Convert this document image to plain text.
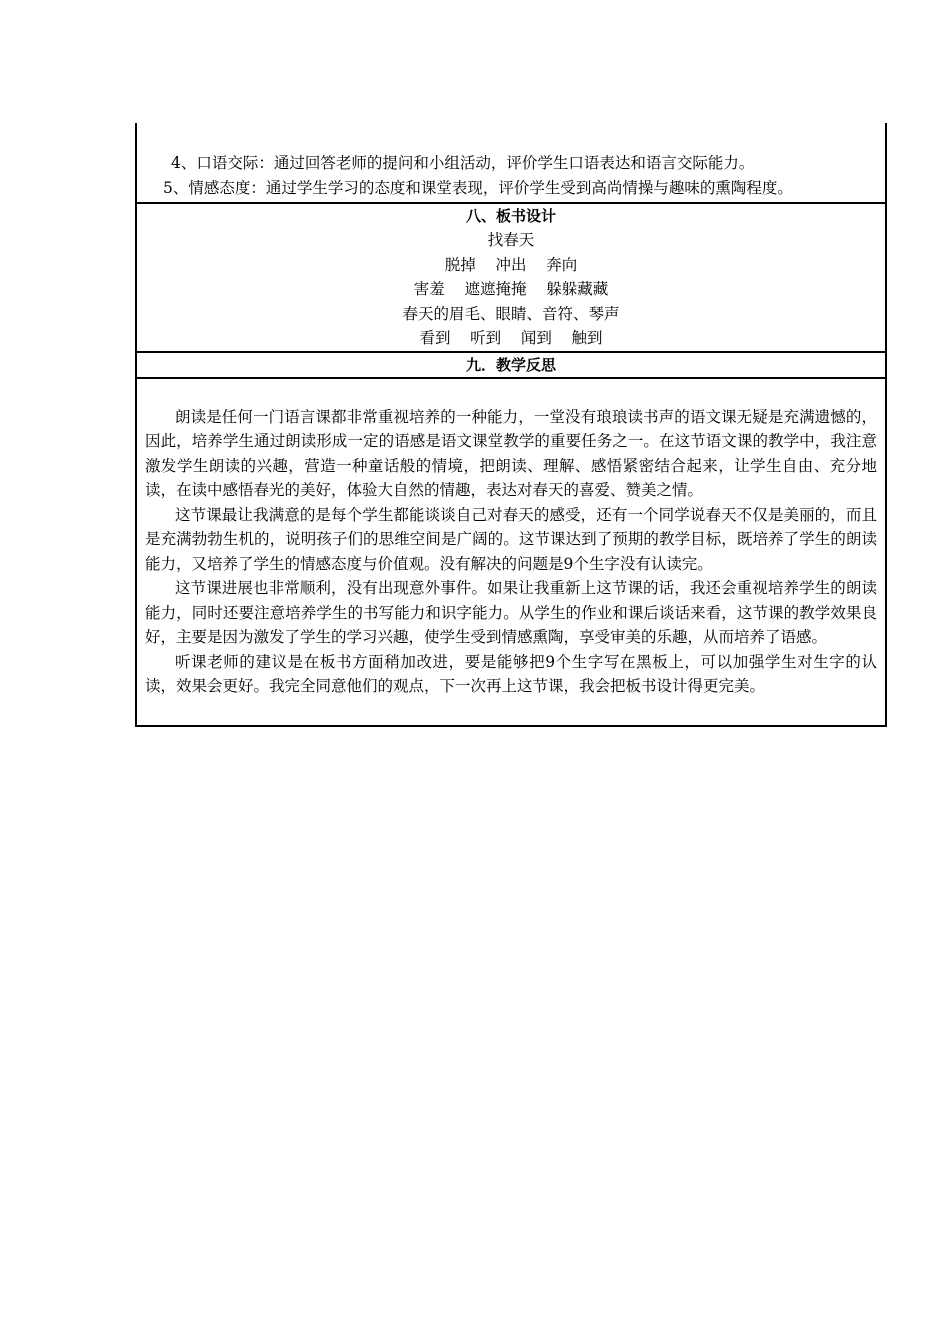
4、口语交际：通过回答老师的提问和小组活动，评价学生口语表达和语言交际能力。

5、情感态度：通过学生学习的态度和课堂表现，评价学生受到高尚情操与趣味的熏陶程度。

八、板书设计
找春天
脱掉    冲出    奔向
害羞    遮遮掩掩    躲躲藏藏
春天的眉毛、眼睛、音符、琴声
看到    听到    闻到    触到
九．教学反思

朗读是任何一门语言课都非常重视培养的一种能力，一堂没有琅琅读书声的语文课无疑是充满遗憾的，因此，培养学生通过朗读形成一定的语感是语文课堂教学的重要任务之一。在这节语文课的教学中，我注意激发学生朗读的兴趣，营造一种童话般的情境，把朗读、理解、感悟紧密结合起来，让学生自由、充分地读，在读中感悟春光的美好，体验大自然的情趣，表达对春天的喜爱、赞美之情。

这节课最让我满意的是每个学生都能谈谈自己对春天的感受，还有一个同学说春天不仅是美丽的，而且是充满勃勃生机的，说明孩子们的思维空间是广阔的。这节课达到了预期的教学目标，既培养了学生的朗读能力，又培养了学生的情感态度与价值观。没有解决的问题是9个生字没有认读完。

这节课进展也非常顺利，没有出现意外事件。如果让我重新上这节课的话，我还会重视培养学生的朗读能力，同时还要注意培养学生的书写能力和识字能力。从学生的作业和课后谈话来看，这节课的教学效果良好，主要是因为激发了学生的学习兴趣，使学生受到情感熏陶，享受审美的乐趣，从而培养了语感。

听课老师的建议是在板书方面稍加改进，要是能够把9个生字写在黑板上，可以加强学生对生字的认读，效果会更好。我完全同意他们的观点，下一次再上这节课，我会把板书设计得更完美。
